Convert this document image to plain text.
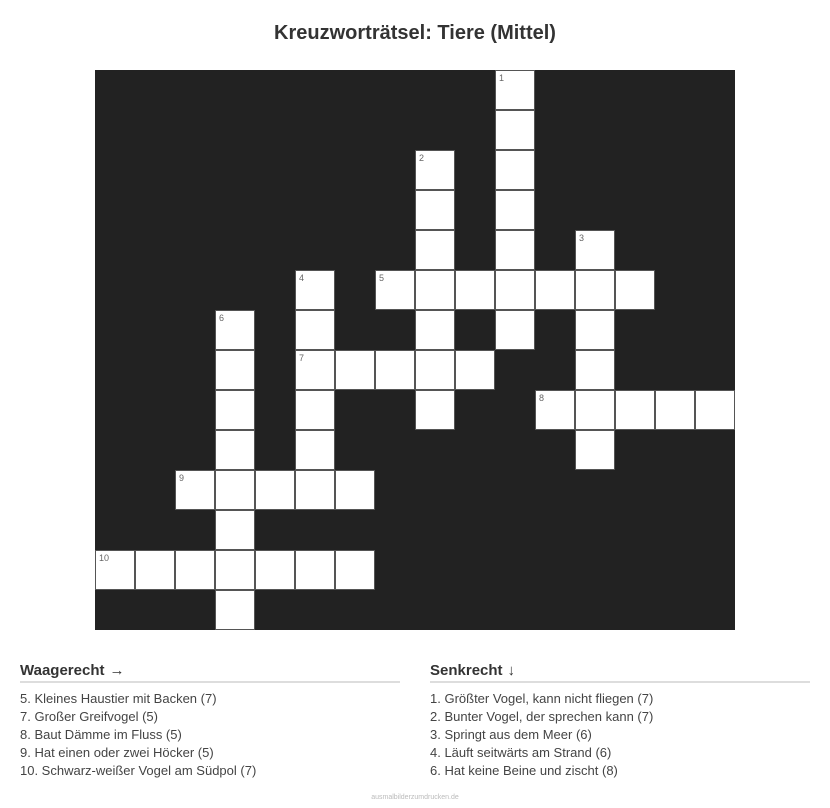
Kreuzworträtsel: Tiere (Mittel)
1
2
3
4	5
6
7
8
9
10
Waagerecht →
5. Kleines Haustier mit Backen (7)
7. Großer Greifvogel (5)
8. Baut Dämme im Fluss (5)
9. Hat einen oder zwei Höcker (5)
10. Schwarz-weißer Vogel am Südpol (7)
Senkrecht ↓
1. Größter Vogel, kann nicht fliegen (7)
2. Bunter Vogel, der sprechen kann (7)
3. Springt aus dem Meer (6)
4. Läuft seitwärts am Strand (6)
6. Hat keine Beine und zischt (8)
ausmalbilderzumdrucken.de
